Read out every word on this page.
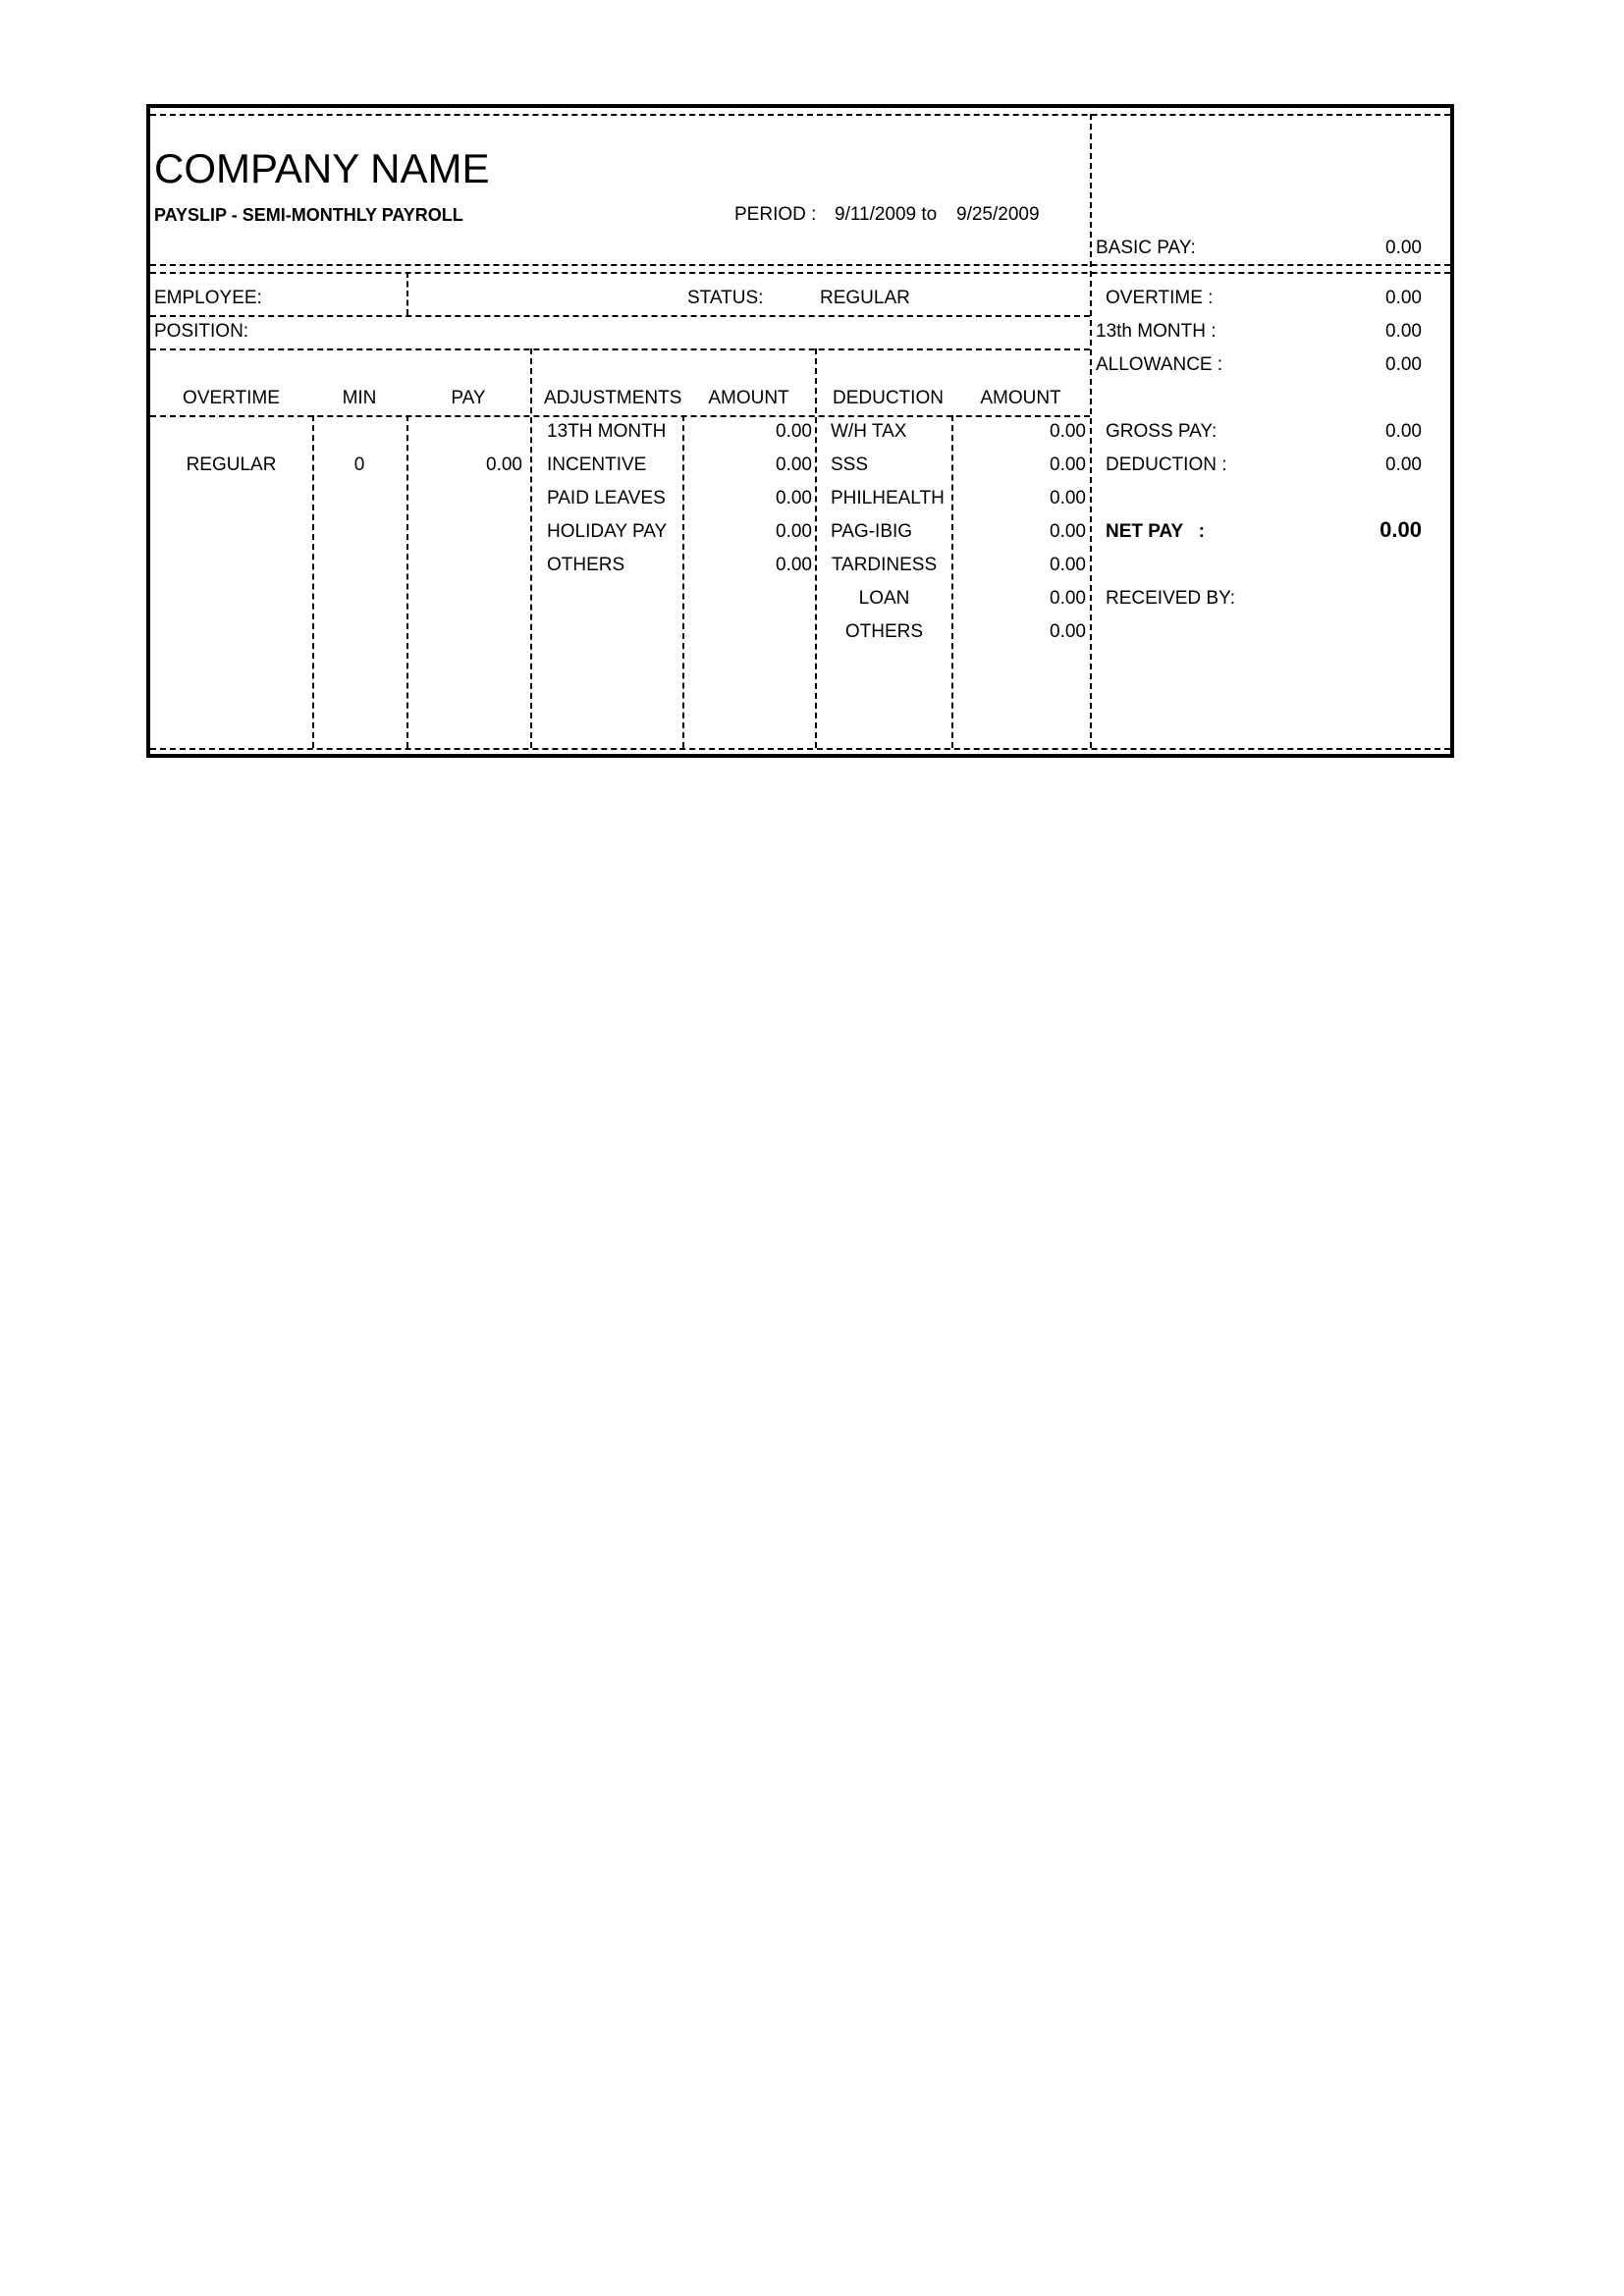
COMPANY NAME
PAYSLIP - SEMI-MONTHLY PAYROLL	PERIOD : 9/11/2009 to 9/25/2009
EMPLOYEE:
POSITION:
STATUS:	REGULAR
OVERTIME	MIN	PAY	ADJUSTMENTS	AMOUNT	DEDUCTION	AMOUNT
REGULAR	0	0.00
13TH MONTH	0.00
INCENTIVE	0.00
PAID LEAVES	0.00
HOLIDAY PAY	0.00
OTHERS	0.00
W/H TAX	0.00
SSS	0.00
PHILHEALTH	0.00
PAG-IBIG	0.00
TARDINESS	0.00
LOAN	0.00
OTHERS	0.00
BASIC PAY:	0.00
OVERTIME :	0.00
13th MONTH :	0.00
ALLOWANCE :	0.00
GROSS PAY:	0.00
DEDUCTION :	0.00
NET PAY   :	0.00
RECEIVED BY:
